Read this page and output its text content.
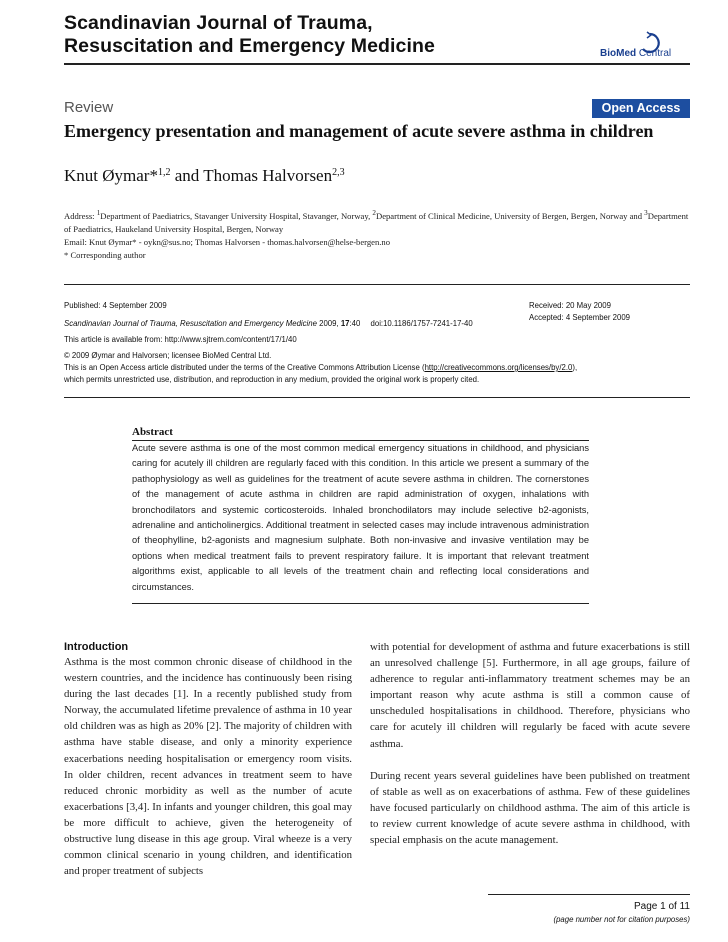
Scandinavian Journal of Trauma,
Resuscitation and Emergency Medicine	BioMed Central
Review	Open Access
Emergency presentation and management of acute severe asthma in children
Knut Øymar*$^{1,2}$ and Thomas Halvorsen$^{2,3}$
Address: $^1$Department of Paediatrics, Stavanger University Hospital, Stavanger, Norway, $^2$Department of Clinical Medicine, University of Bergen, Bergen, Norway and $^3$Department of Paediatrics, Haukeland University Hospital, Bergen, Norway
Email: Knut Øymar* - oykn@sus.no; Thomas Halvorsen - thomas.halvorsen@helse-bergen.no
* Corresponding author
Published: 4 September 2009	Received: 20 May 2009
Accepted: 4 September 2009
Scandinavian Journal of Trauma, Resuscitation and Emergency Medicine 2009, 17:40 doi:10.1186/1757-7241-17-40
This article is available from: http://www.sjtrem.com/content/17/1/40
© 2009 Øymar and Halvorsen; licensee BioMed Central Ltd.
This is an Open Access article distributed under the terms of the Creative Commons Attribution License (http://creativecommons.org/licenses/by/2.0),
which permits unrestricted use, distribution, and reproduction in any medium, provided the original work is properly cited.
Abstract
Acute severe asthma is one of the most common medical emergency situations in childhood, and physicians caring for acutely ill children are regularly faced with this condition. In this article we present a summary of the pathophysiology as well as guidelines for the treatment of acute severe asthma in children. The cornerstones of the management of acute asthma in children are rapid administration of oxygen, inhalations with bronchodilators and systemic corticosteroids. Inhaled bronchodilators may include selective b2-agonists, adrenaline and anticholinergics. Additional treatment in selected cases may include intravenous administration of theophylline, b2-agonists and magnesium sulphate. Both non-invasive and invasive ventilation may be options when medical treatment fails to prevent respiratory failure. It is important that relevant treatment algorithms exist, applicable to all levels of the treatment chain and reflecting local considerations and circumstances.
Introduction
Asthma is the most common chronic disease of childhood in the western countries, and the incidence has continuously been rising during the last decades [1]. In a recently published study from Norway, the accumulated lifetime prevalence of asthma in 10 year old children was as high as 20% [2]. The majority of children with asthma have stable disease, and only a minority experience exacerbations needing hospitalisation or emergency room visits. In older children, recent advances in treatment seem to have reduced chronic morbidity as well as the number of acute exacerbations [3,4]. In infants and younger children, this goal may be more difficult to achieve, given the heterogeneity of obstructive lung disease in this age group. Viral wheeze is a very common clinical scenario in young children, and identification and proper treatment of subjects
with potential for development of asthma and future exacerbations is still an unresolved challenge [5]. Furthermore, in all age groups, failure of adherence to regular anti-inflammatory treatment schemes may be an important reason why acute asthma is still a common cause of unscheduled hospitalisations in childhood. Therefore, physicians who care for acutely ill children will regularly be faced with acute severe asthma.
During recent years several guidelines have been published on treatment of stable as well as on exacerbations of asthma. Few of these guidelines have focused particularly on childhood asthma. The aim of this article is to review current knowledge of acute severe asthma in childhood, with special emphasis on the acute management.
Page 1 of 11
(page number not for citation purposes)
